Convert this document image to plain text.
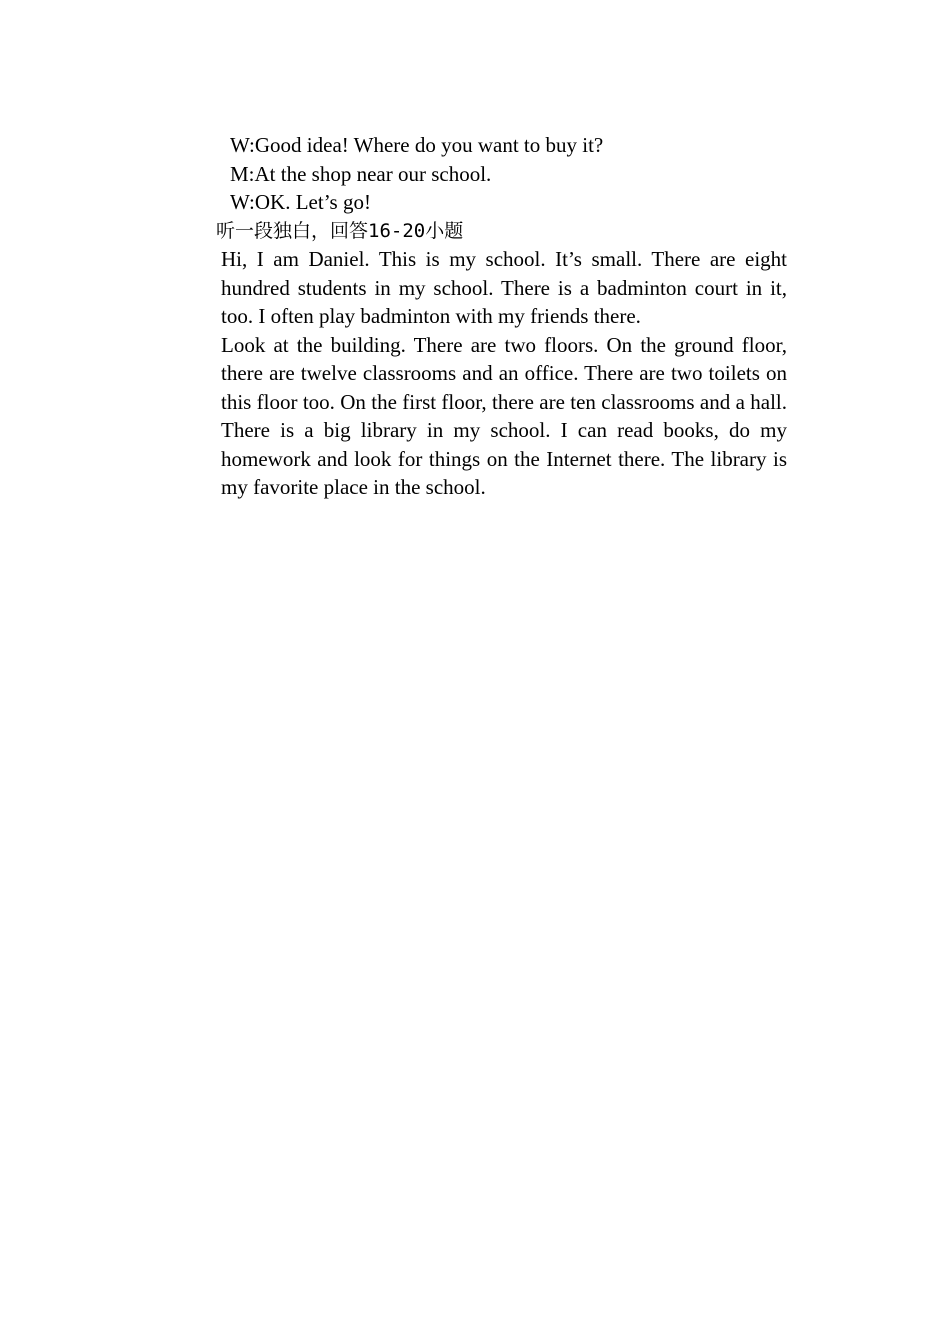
W:Good idea! Where do you want to buy it?

M:At the shop near our school.

W:OK. Let’s go!

听一段独白，回答16-20小题

Hi, I am Daniel. This is my school. It’s small. There are eight hundred students in my school. There is a badminton court in it, too. I often play badminton with my friends there.

Look at the building. There are two floors. On the ground floor, there are twelve classrooms and an office. There are two toilets on this floor too. On the first floor, there are ten classrooms and a hall. There is a big library in my school. I can read books, do my homework and look for things on the Internet there. The library is my favorite place in the school.
